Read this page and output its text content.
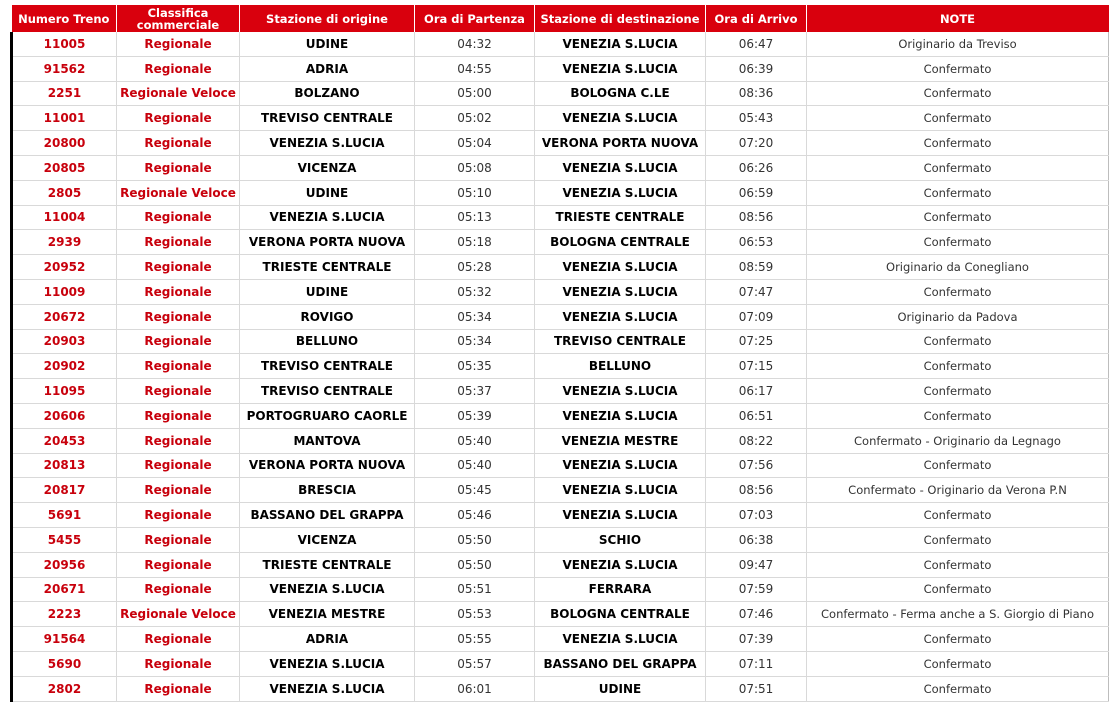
Numero Treno	Classifica commerciale	Stazione di origine	Ora di Partenza	Stazione di destinazione	Ora di Arrivo	NOTE
11005	Regionale	UDINE	04:32	VENEZIA S.LUCIA	06:47	Originario da Treviso
91562	Regionale	ADRIA	04:55	VENEZIA S.LUCIA	06:39	Confermato
2251	Regionale Veloce	BOLZANO	05:00	BOLOGNA C.LE	08:36	Confermato
11001	Regionale	TREVISO CENTRALE	05:02	VENEZIA S.LUCIA	05:43	Confermato
20800	Regionale	VENEZIA S.LUCIA	05:04	VERONA PORTA NUOVA	07:20	Confermato
20805	Regionale	VICENZA	05:08	VENEZIA S.LUCIA	06:26	Confermato
2805	Regionale Veloce	UDINE	05:10	VENEZIA S.LUCIA	06:59	Confermato
11004	Regionale	VENEZIA S.LUCIA	05:13	TRIESTE CENTRALE	08:56	Confermato
2939	Regionale	VERONA PORTA NUOVA	05:18	BOLOGNA CENTRALE	06:53	Confermato
20952	Regionale	TRIESTE CENTRALE	05:28	VENEZIA S.LUCIA	08:59	Originario da Conegliano
11009	Regionale	UDINE	05:32	VENEZIA S.LUCIA	07:47	Confermato
20672	Regionale	ROVIGO	05:34	VENEZIA S.LUCIA	07:09	Originario da Padova
20903	Regionale	BELLUNO	05:34	TREVISO CENTRALE	07:25	Confermato
20902	Regionale	TREVISO CENTRALE	05:35	BELLUNO	07:15	Confermato
11095	Regionale	TREVISO CENTRALE	05:37	VENEZIA S.LUCIA	06:17	Confermato
20606	Regionale	PORTOGRUARO CAORLE	05:39	VENEZIA S.LUCIA	06:51	Confermato
20453	Regionale	MANTOVA	05:40	VENEZIA MESTRE	08:22	Confermato - Originario da Legnago
20813	Regionale	VERONA PORTA NUOVA	05:40	VENEZIA S.LUCIA	07:56	Confermato
20817	Regionale	BRESCIA	05:45	VENEZIA S.LUCIA	08:56	Confermato - Originario da Verona P.N
5691	Regionale	BASSANO DEL GRAPPA	05:46	VENEZIA S.LUCIA	07:03	Confermato
5455	Regionale	VICENZA	05:50	SCHIO	06:38	Confermato
20956	Regionale	TRIESTE CENTRALE	05:50	VENEZIA S.LUCIA	09:47	Confermato
20671	Regionale	VENEZIA S.LUCIA	05:51	FERRARA	07:59	Confermato
2223	Regionale Veloce	VENEZIA MESTRE	05:53	BOLOGNA CENTRALE	07:46	Confermato - Ferma anche a S. Giorgio di Piano
91564	Regionale	ADRIA	05:55	VENEZIA S.LUCIA	07:39	Confermato
5690	Regionale	VENEZIA S.LUCIA	05:57	BASSANO DEL GRAPPA	07:11	Confermato
2802	Regionale	VENEZIA S.LUCIA	06:01	UDINE	07:51	Confermato
